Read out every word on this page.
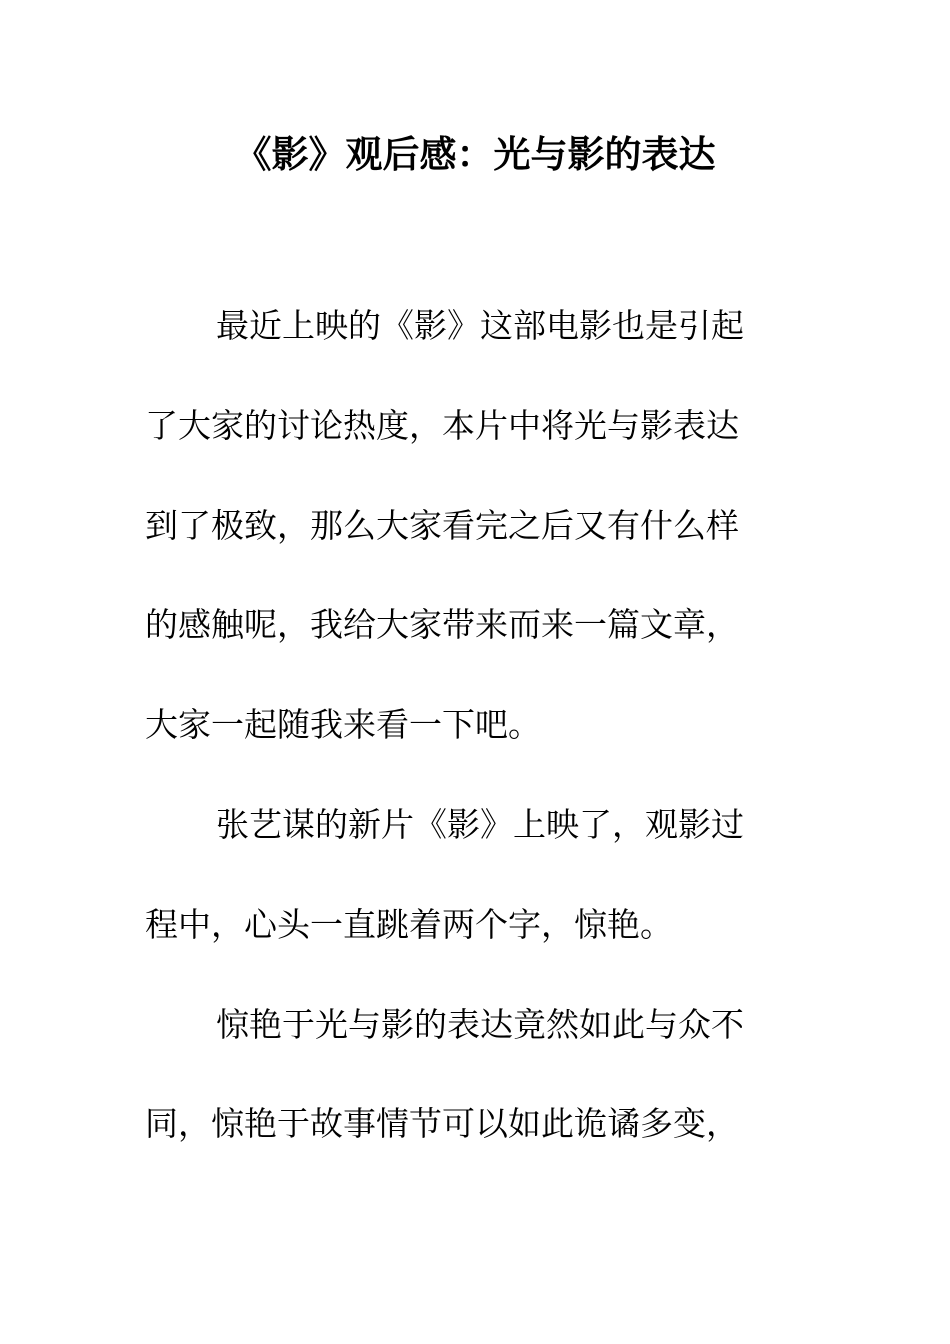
《影》观后感：光与影的表达
最近上映的《影》这部电影也是引起
了大家的讨论热度，本片中将光与影表达
到了极致，那么大家看完之后又有什么样
的感触呢，我给大家带来而来一篇文章，
大家一起随我来看一下吧。
张艺谋的新片《影》上映了，观影过
程中，心头一直跳着两个字，惊艳。
惊艳于光与影的表达竟然如此与众不
同，惊艳于故事情节可以如此诡谲多变，
